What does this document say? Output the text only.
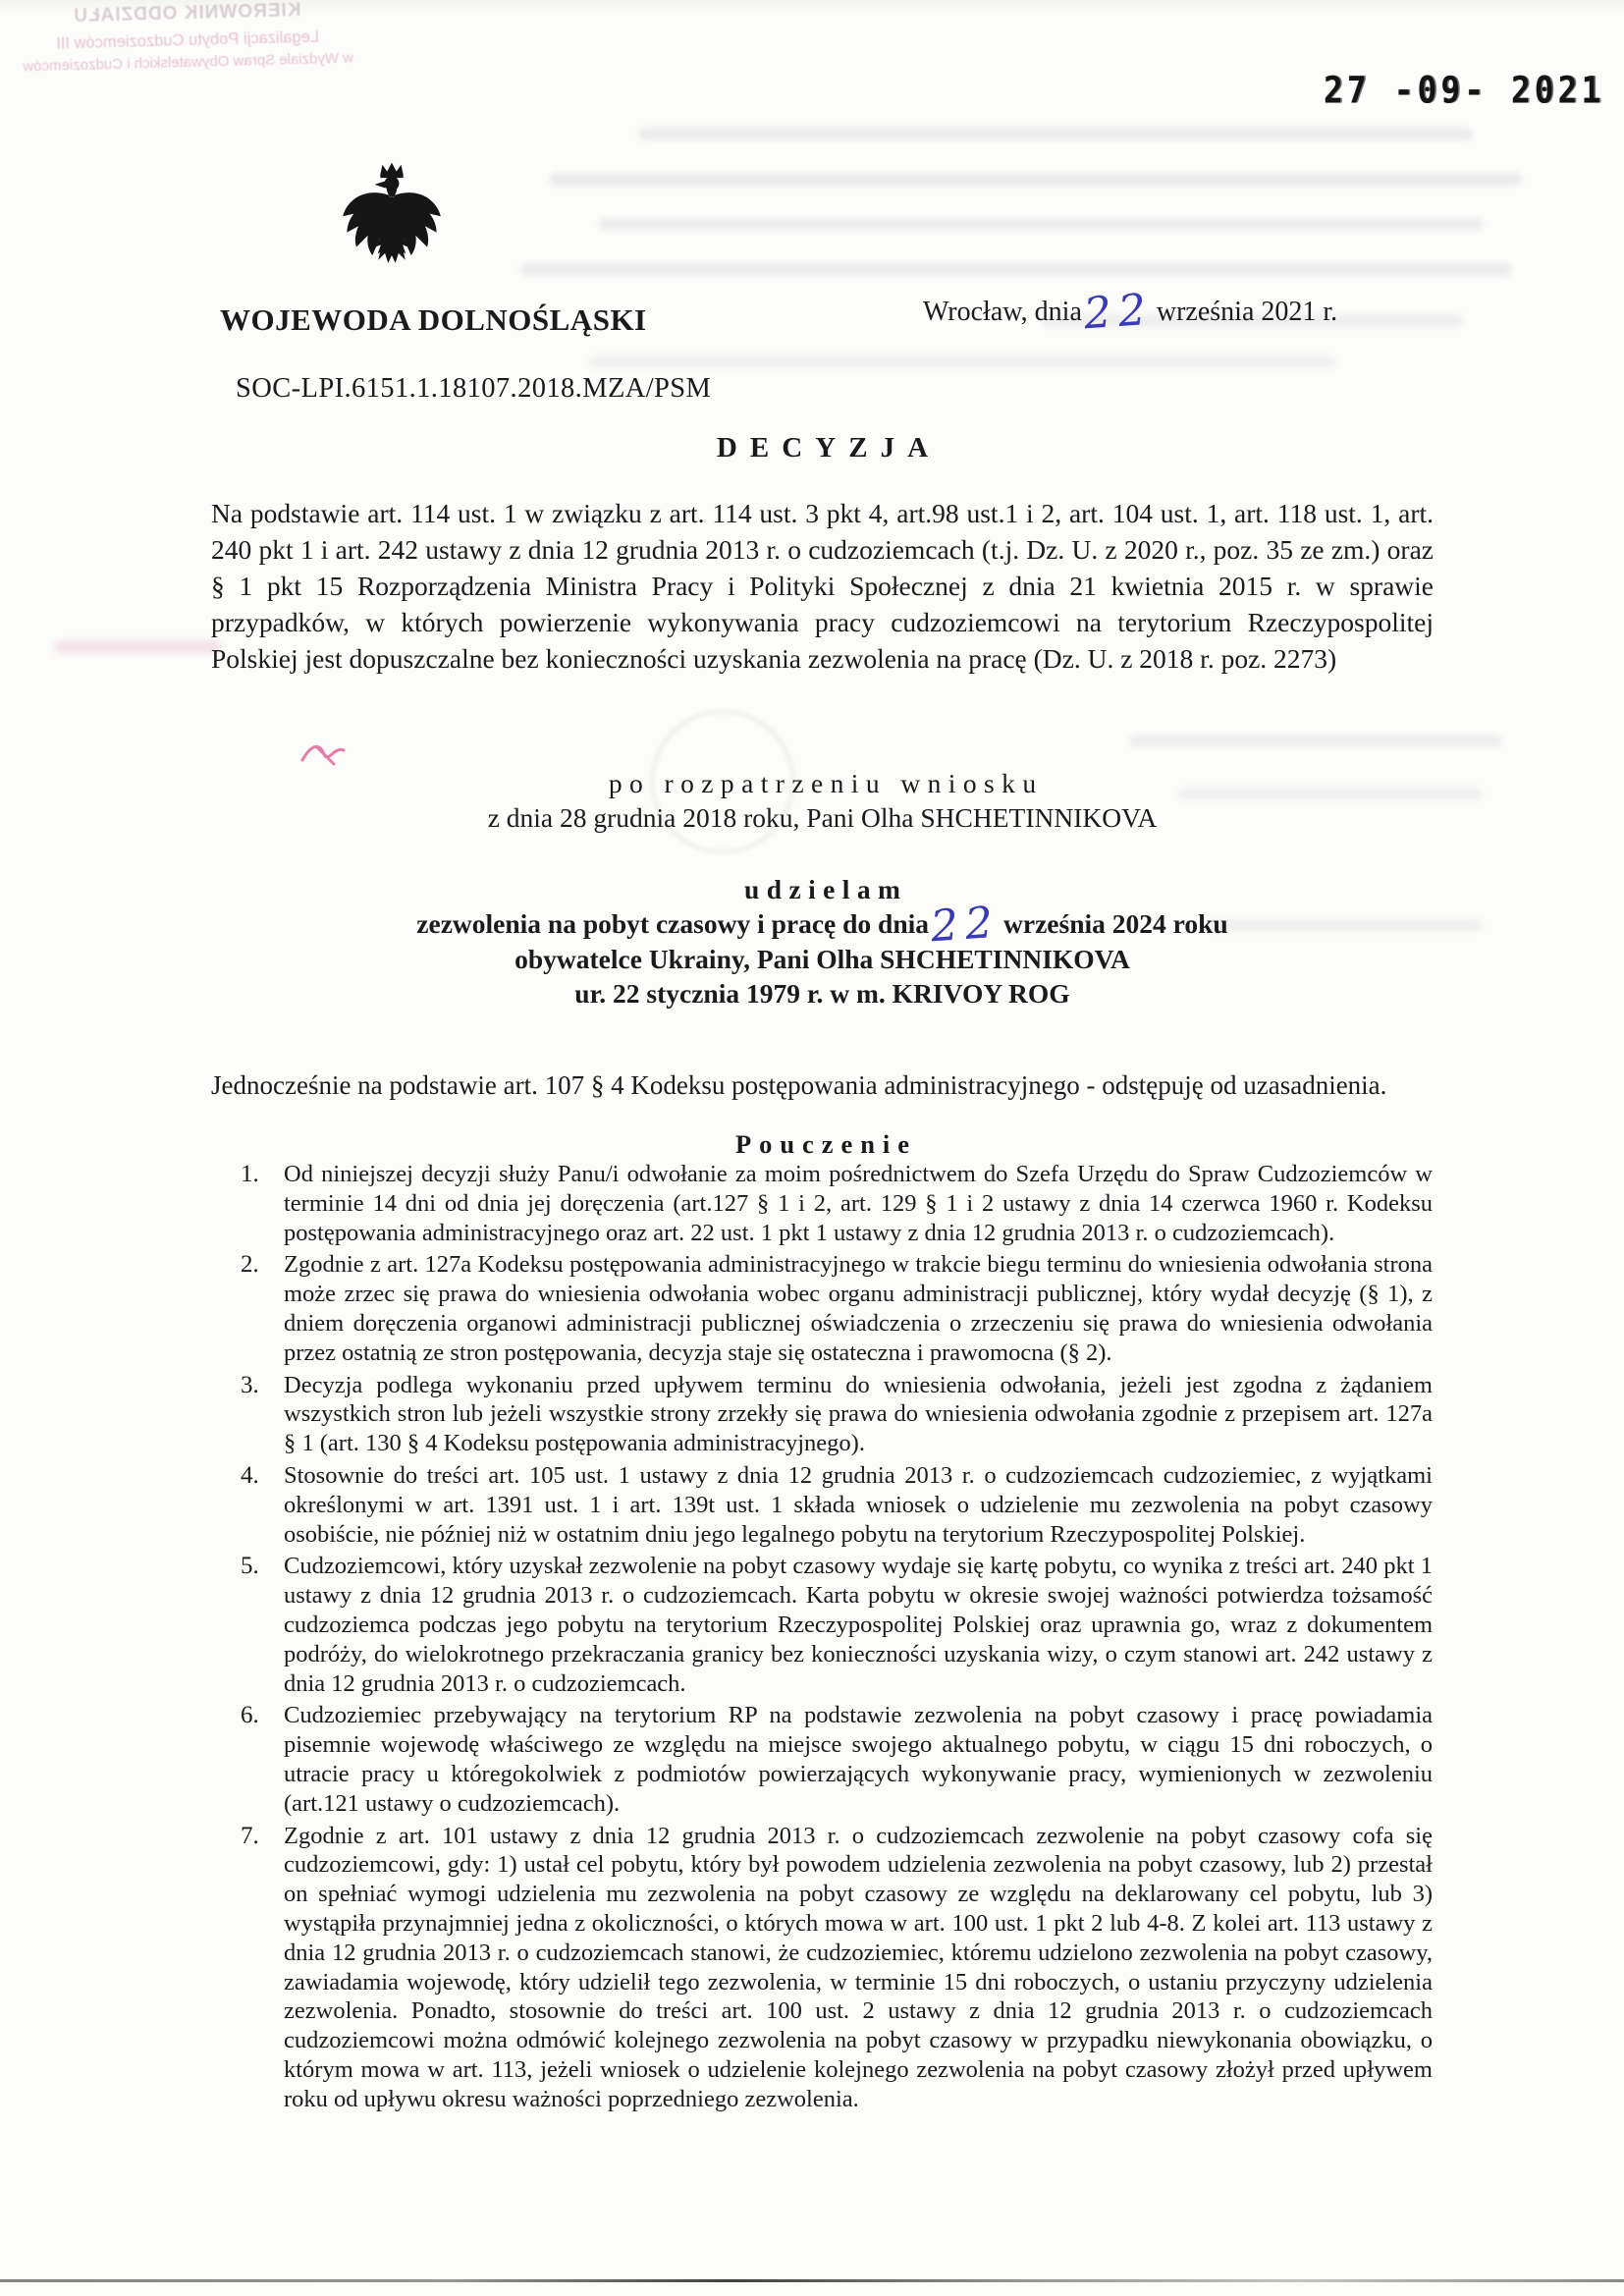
KIEROWNIK ODDZIAŁU
Legalizacji Pobytu Cudzoziemców III
w Wydziale Spraw Obywatelskich i Cudzoziemców
27 -09- 2021
WOJEWODA DOLNOŚLĄSKI	Wrocław, dnia22września 2021 r.
SOC-LPI.6151.1.18107.2018.MZA/PSM
DECYZJA
Na podstawie art. 114 ust. 1 w związku z art. 114 ust. 3 pkt 4, art.98 ust.1 i 2, art. 104 ust. 1, art. 118 ust. 1, art. 240 pkt 1 i art. 242 ustawy z dnia 12 grudnia 2013 r. o cudzoziemcach (t.j. Dz. U. z 2020 r., poz. 35 ze zm.) oraz § 1 pkt 15 Rozporządzenia Ministra Pracy i Polityki Społecznej z dnia 21 kwietnia 2015 r. w sprawie przypadków, w których powierzenie wykonywania pracy cudzoziemcowi na terytorium Rzeczypospolitej Polskiej jest dopuszczalne bez konieczności uzyskania zezwolenia na pracę (Dz. U. z 2018 r. poz. 2273)
po rozpatrzeniu wniosku
z dnia 28 grudnia 2018 roku, Pani Olha SHCHETINNIKOVA
udzielam
zezwolenia na pobyt czasowy i pracę do dnia22września 2024 roku
obywatelce Ukrainy, Pani Olha SHCHETINNIKOVA
ur. 22 stycznia 1979 r. w m. KRIVOY ROG
Jednocześnie na podstawie art. 107 § 4 Kodeksu postępowania administracyjnego - odstępuję od uzasadnienia.
Pouczenie
Od niniejszej decyzji służy Panu/i odwołanie za moim pośrednictwem do Szefa Urzędu do Spraw Cudzoziemców w terminie 14 dni od dnia jej doręczenia (art.127 § 1 i 2, art. 129 § 1 i 2 ustawy z dnia 14 czerwca 1960 r. Kodeksu postępowania administracyjnego oraz art. 22 ust. 1 pkt 1 ustawy z dnia 12 grudnia 2013 r. o cudzoziemcach).
Zgodnie z art. 127a Kodeksu postępowania administracyjnego w trakcie biegu terminu do wniesienia odwołania strona może zrzec się prawa do wniesienia odwołania wobec organu administracji publicznej, który wydał decyzję (§ 1), z dniem doręczenia organowi administracji publicznej oświadczenia o zrzeczeniu się prawa do wniesienia odwołania przez ostatnią ze stron postępowania, decyzja staje się ostateczna i prawomocna (§ 2).
Decyzja podlega wykonaniu przed upływem terminu do wniesienia odwołania, jeżeli jest zgodna z żądaniem wszystkich stron lub jeżeli wszystkie strony zrzekły się prawa do wniesienia odwołania zgodnie z przepisem art. 127a § 1 (art. 130 § 4 Kodeksu postępowania administracyjnego).
Stosownie do treści art. 105 ust. 1 ustawy z dnia 12 grudnia 2013 r. o cudzoziemcach cudzoziemiec, z wyjątkami określonymi w art. 1391 ust. 1 i art. 139t ust. 1 składa wniosek o udzielenie mu zezwolenia na pobyt czasowy osobiście, nie później niż w ostatnim dniu jego legalnego pobytu na terytorium Rzeczypospolitej Polskiej.
Cudzoziemcowi, który uzyskał zezwolenie na pobyt czasowy wydaje się kartę pobytu, co wynika z treści art. 240 pkt 1 ustawy z dnia 12 grudnia 2013 r. o cudzoziemcach. Karta pobytu w okresie swojej ważności potwierdza tożsamość cudzoziemca podczas jego pobytu na terytorium Rzeczypospolitej Polskiej oraz uprawnia go, wraz z dokumentem podróży, do wielokrotnego przekraczania granicy bez konieczności uzyskania wizy, o czym stanowi art. 242 ustawy z dnia 12 grudnia 2013 r. o cudzoziemcach.
Cudzoziemiec przebywający na terytorium RP na podstawie zezwolenia na pobyt czasowy i pracę powiadamia pisemnie wojewodę właściwego ze względu na miejsce swojego aktualnego pobytu, w ciągu 15 dni roboczych, o utracie pracy u któregokolwiek z podmiotów powierzających wykonywanie pracy, wymienionych w zezwoleniu (art.121 ustawy o cudzoziemcach).
Zgodnie z art. 101 ustawy z dnia 12 grudnia 2013 r. o cudzoziemcach zezwolenie na pobyt czasowy cofa się cudzoziemcowi, gdy: 1) ustał cel pobytu, który był powodem udzielenia zezwolenia na pobyt czasowy, lub 2) przestał on spełniać wymogi udzielenia mu zezwolenia na pobyt czasowy ze względu na deklarowany cel pobytu, lub 3) wystąpiła przynajmniej jedna z okoliczności, o których mowa w art. 100 ust. 1 pkt 2 lub 4-8. Z kolei art. 113 ustawy z dnia 12 grudnia 2013 r. o cudzoziemcach stanowi, że cudzoziemiec, któremu udzielono zezwolenia na pobyt czasowy, zawiadamia wojewodę, który udzielił tego zezwolenia, w terminie 15 dni roboczych, o ustaniu przyczyny udzielenia zezwolenia. Ponadto, stosownie do treści art. 100 ust. 2 ustawy z dnia 12 grudnia 2013 r. o cudzoziemcach cudzoziemcowi można odmówić kolejnego zezwolenia na pobyt czasowy w przypadku niewykonania obowiązku, o którym mowa w art. 113, jeżeli wniosek o udzielenie kolejnego zezwolenia na pobyt czasowy złożył przed upływem roku od upływu okresu ważności poprzedniego zezwolenia.
